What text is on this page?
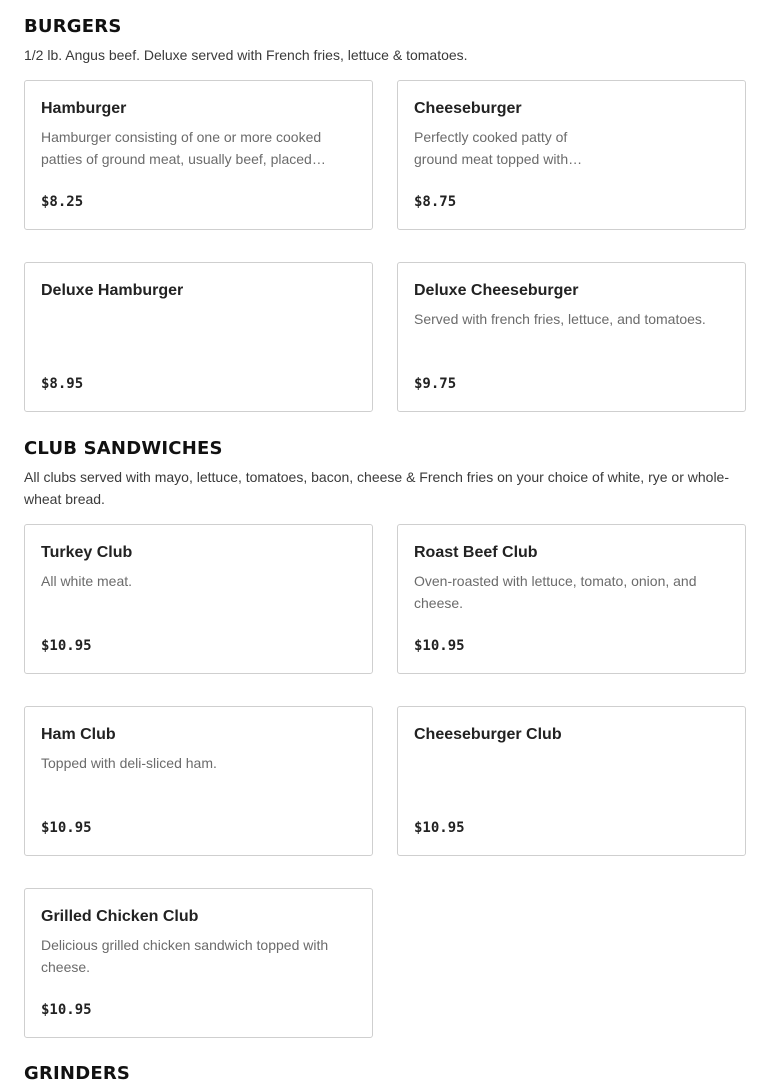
BURGERS

1/2 lb. Angus beef. Deluxe served with French fries, lettuce & tomatoes.

Hamburger
Hamburger consisting of one or more cooked patties of ground meat, usually beef, placed…
$8.25
Cheeseburger
Perfectly cooked patty of ground meat topped with…
$8.75
Deluxe Hamburger
$8.95
Deluxe Cheeseburger
Served with french fries, lettuce, and tomatoes.
$9.75
CLUB SANDWICHES

All clubs served with mayo, lettuce, tomatoes, bacon, cheese & French fries on your choice of white, rye or whole-wheat bread.

Turkey Club
All white meat.
$10.95
Roast Beef Club
Oven-roasted with lettuce, tomato, onion, and cheese.
$10.95
Ham Club
Topped with deli-sliced ham.
$10.95
Cheeseburger Club
$10.95
Grilled Chicken Club
Delicious grilled chicken sandwich topped with cheese.
$10.95
GRINDERS
